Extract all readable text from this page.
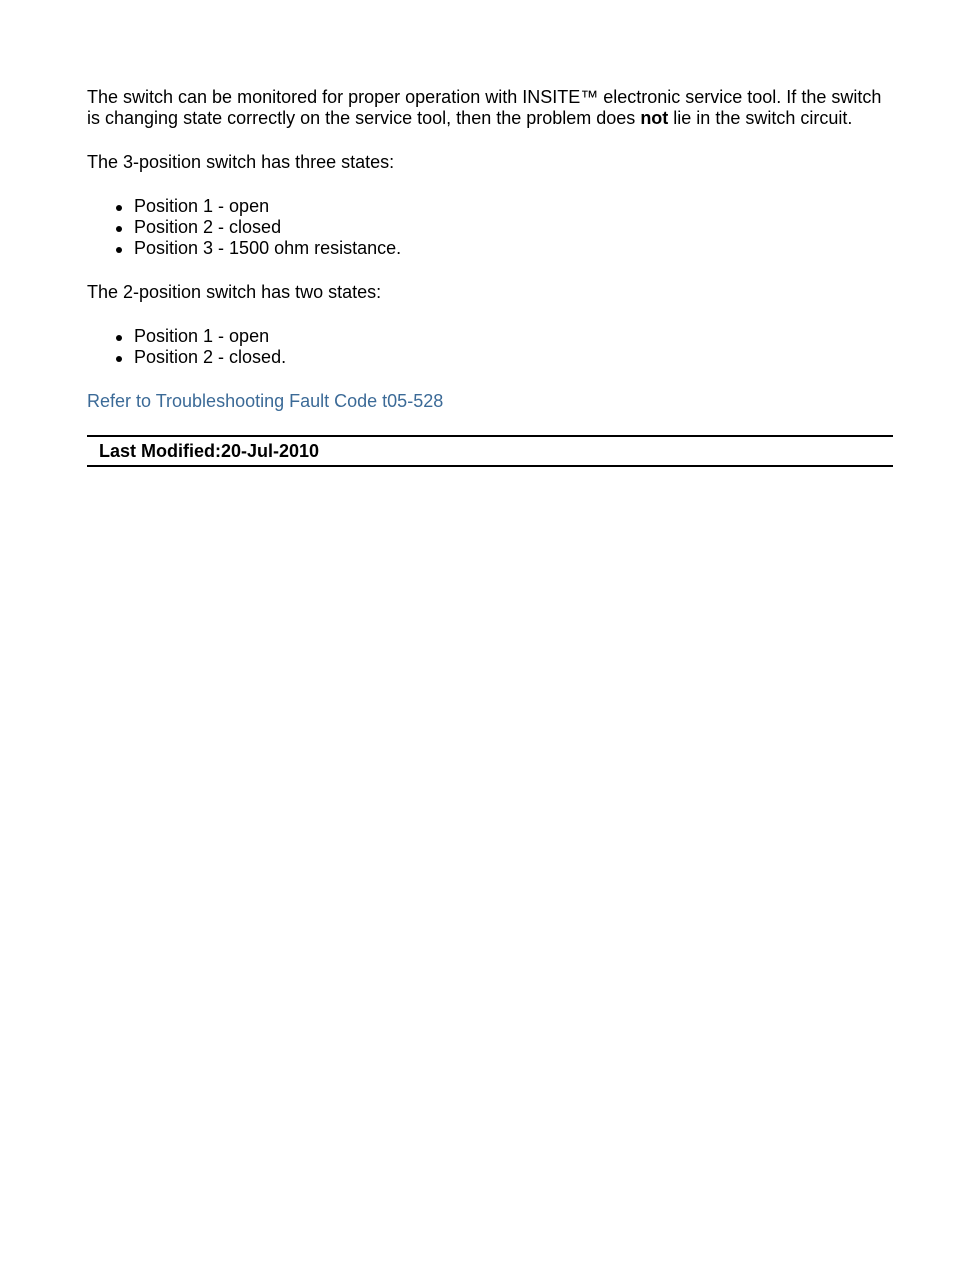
The switch can be monitored for proper operation with INSITE™ electronic service tool. If the switch is changing state correctly on the service tool, then the problem does not lie in the switch circuit.

The 3-position switch has three states:

Position 1 - open
Position 2 - closed
Position 3 - 1500 ohm resistance.

The 2-position switch has two states:

Position 1 - open
Position 2 - closed.
Refer to Troubleshooting Fault Code t05-528
Last Modified: 20-Jul-2010
